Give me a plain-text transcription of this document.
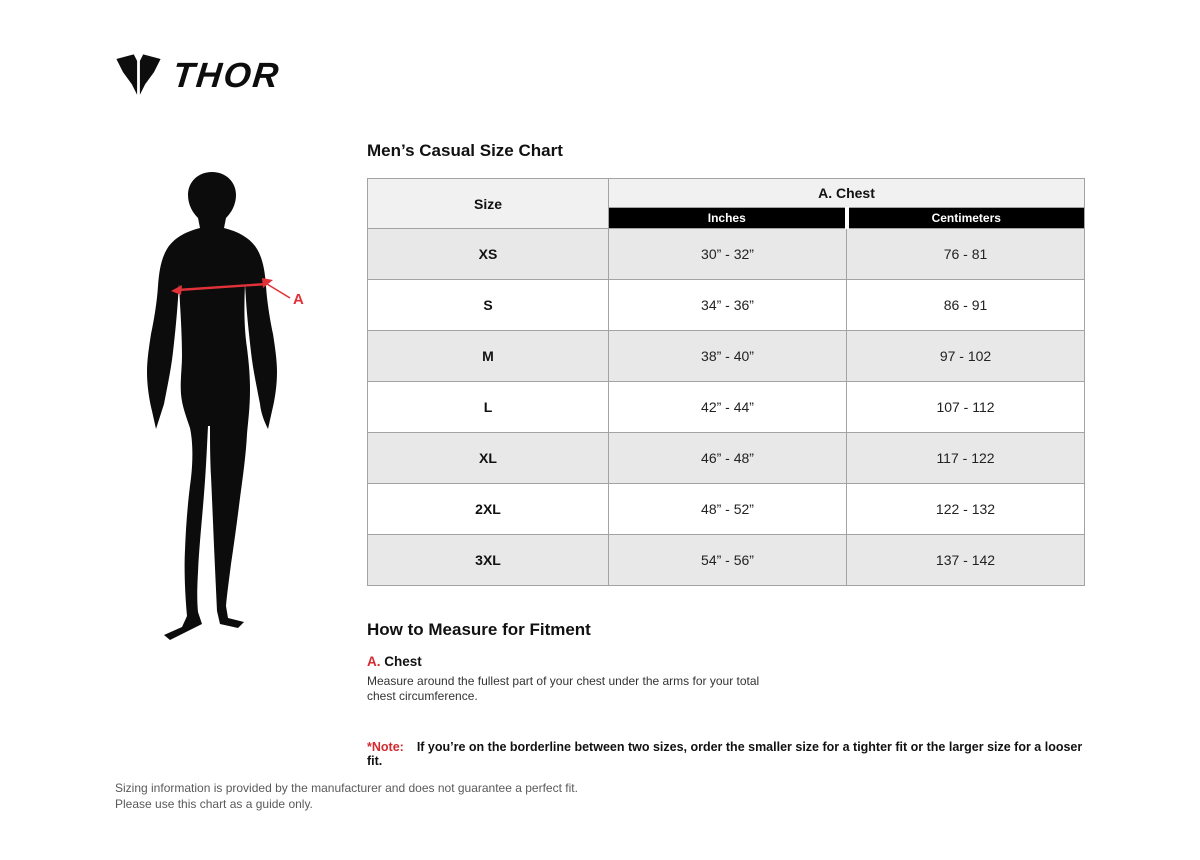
THOR
A
Men’s Casual Size Chart
Size	A. Chest	
	Inches	Centimeters
XS	30” - 32”	76 - 81
S	34” - 36”	86 - 91
M	38” - 40”	97 - 102
L	42” - 44”	107 - 112
XL	46” - 48”	117 - 122
2XL	48” - 52”	122 - 132
3XL	54” - 56”	137 - 142
How to Measure for Fitment
A. Chest

Measure around the fullest part of your chest under the arms for your total chest circumference.

*Note: If you’re on the borderline between two sizes, order the smaller size for a tighter fit or the larger size for a looser fit.

Sizing information is provided by the manufacturer and does not guarantee a perfect fit.
Please use this chart as a guide only.
